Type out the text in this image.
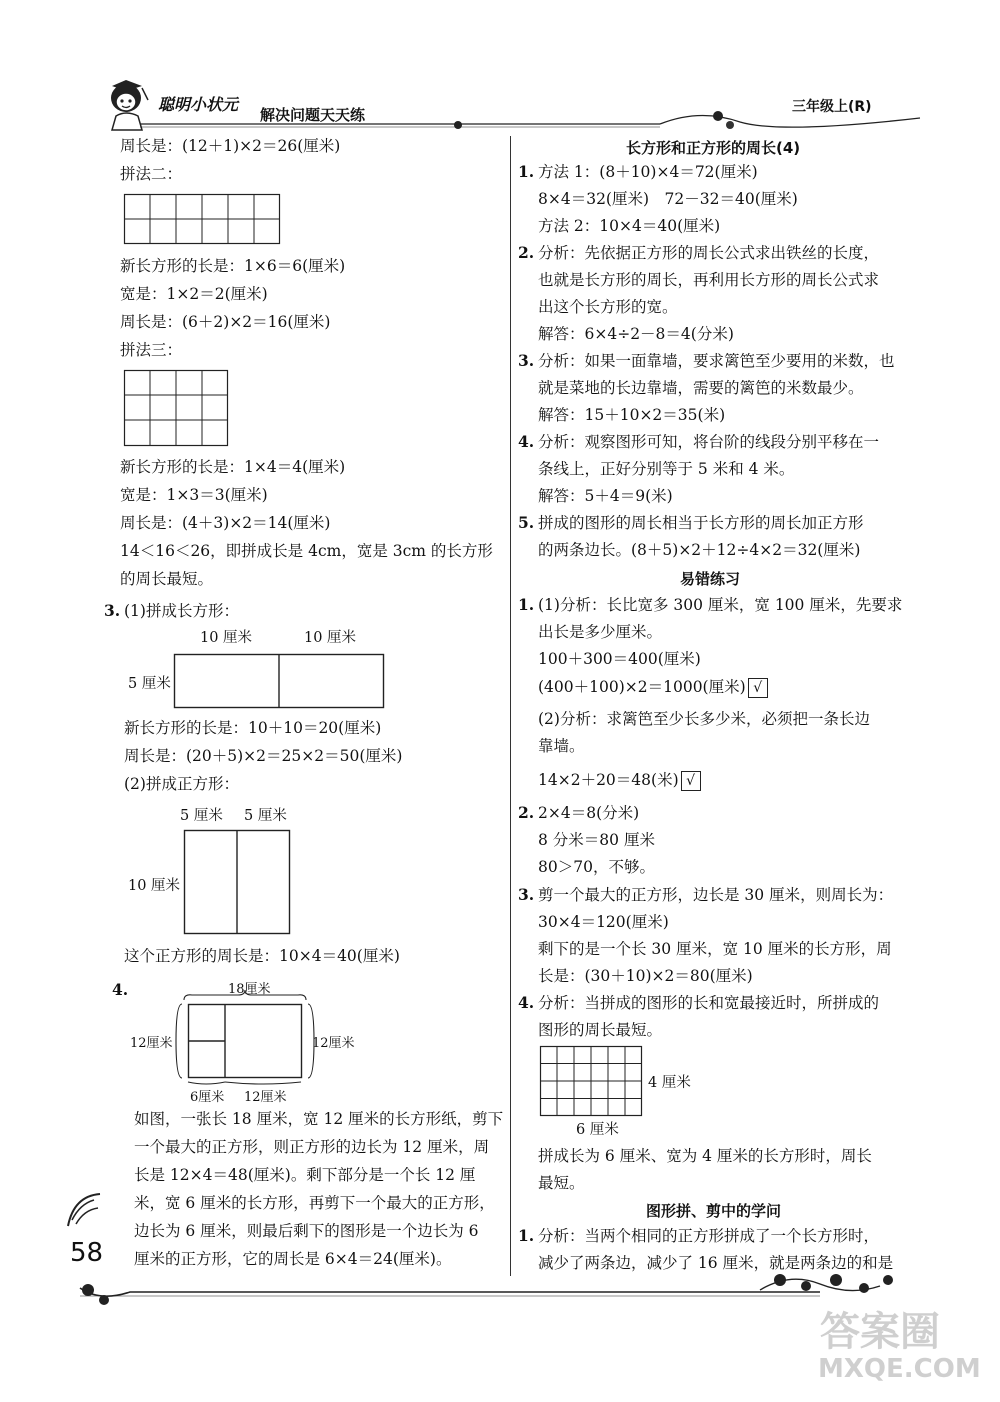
聪明小状元
解决问题天天练	三年级上(R)
周长是：(12＋1)×2＝26(厘米)
拼法二：
新长方形的长是：1×6＝6(厘米)
宽是：1×2＝2(厘米)
周长是：(6＋2)×2＝16(厘米)
拼法三：
新长方形的长是：1×4＝4(厘米)
宽是：1×3＝3(厘米)
周长是：(4＋3)×2＝14(厘米)
14＜16＜26，即拼成长是 4cm，宽是 3cm 的长方形
的周长最短。
3. (1)拼成长方形：
10 厘米	10 厘米
5 厘米
新长方形的长是：10＋10＝20(厘米)
周长是：(20＋5)×2＝25×2＝50(厘米)
(2)拼成正方形：
5 厘米 5 厘米
10 厘米
这个正方形的周长是：10×4＝40(厘米)
4.	18厘米
12厘米	12厘米
6厘米 12厘米
如图，一张长 18 厘米，宽 12 厘米的长方形纸，剪下
一个最大的正方形，则正方形的边长为 12 厘米，周
长是 12×4＝48(厘米)。剩下部分是一个长 12 厘
米，宽 6 厘米的长方形，再剪下一个最大的正方形，
边长为 6 厘米，则最后剩下的图形是一个边长为 6
厘米的正方形，它的周长是 6×4＝24(厘米)。
长方形和正方形的周长(4)
1. 方法 1：(8＋10)×4＝72(厘米)
8×4＝32(厘米)　72－32＝40(厘米)
方法 2：10×4＝40(厘米)
2. 分析：先依据正方形的周长公式求出铁丝的长度，
也就是长方形的周长，再利用长方形的周长公式求
出这个长方形的宽。
解答：6×4÷2－8＝4(分米)
3. 分析：如果一面靠墙，要求篱笆至少要用的米数，也
就是菜地的长边靠墙，需要的篱笆的米数最少。
解答：15＋10×2＝35(米)
4. 分析：观察图形可知，将台阶的线段分别平移在一
条线上，正好分别等于 5 米和 4 米。
解答：5＋4＝9(米)
5. 拼成的图形的周长相当于长方形的周长加正方形
的两条边长。(8＋5)×2＋12÷4×2＝32(厘米)
易错练习
1. (1)分析：长比宽多 300 厘米，宽 100 厘米，先要求
出长是多少厘米。
100＋300＝400(厘米)
(400＋100)×2＝1000(厘米) √
(2)分析：求篱笆至少长多少米，必须把一条长边
靠墙。
14×2＋20＝48(米) √
2. 2×4＝8(分米)
8 分米＝80 厘米
80＞70，不够。
3. 剪一个最大的正方形，边长是 30 厘米，则周长为：
30×4＝120(厘米)
剩下的是一个长 30 厘米，宽 10 厘米的长方形，周
长是：(30＋10)×2＝80(厘米)
4. 分析：当拼成的图形的长和宽最接近时，所拼成的
图形的周长最短。
4 厘米
6 厘米
拼成长为 6 厘米、宽为 4 厘米的长方形时，周长
最短。
图形拼、剪中的学问
1. 分析：当两个相同的正方形拼成了一个长方形时，
减少了两条边，减少了 16 厘米，就是两条边的和是
58
答案圈
MXQE.COM
